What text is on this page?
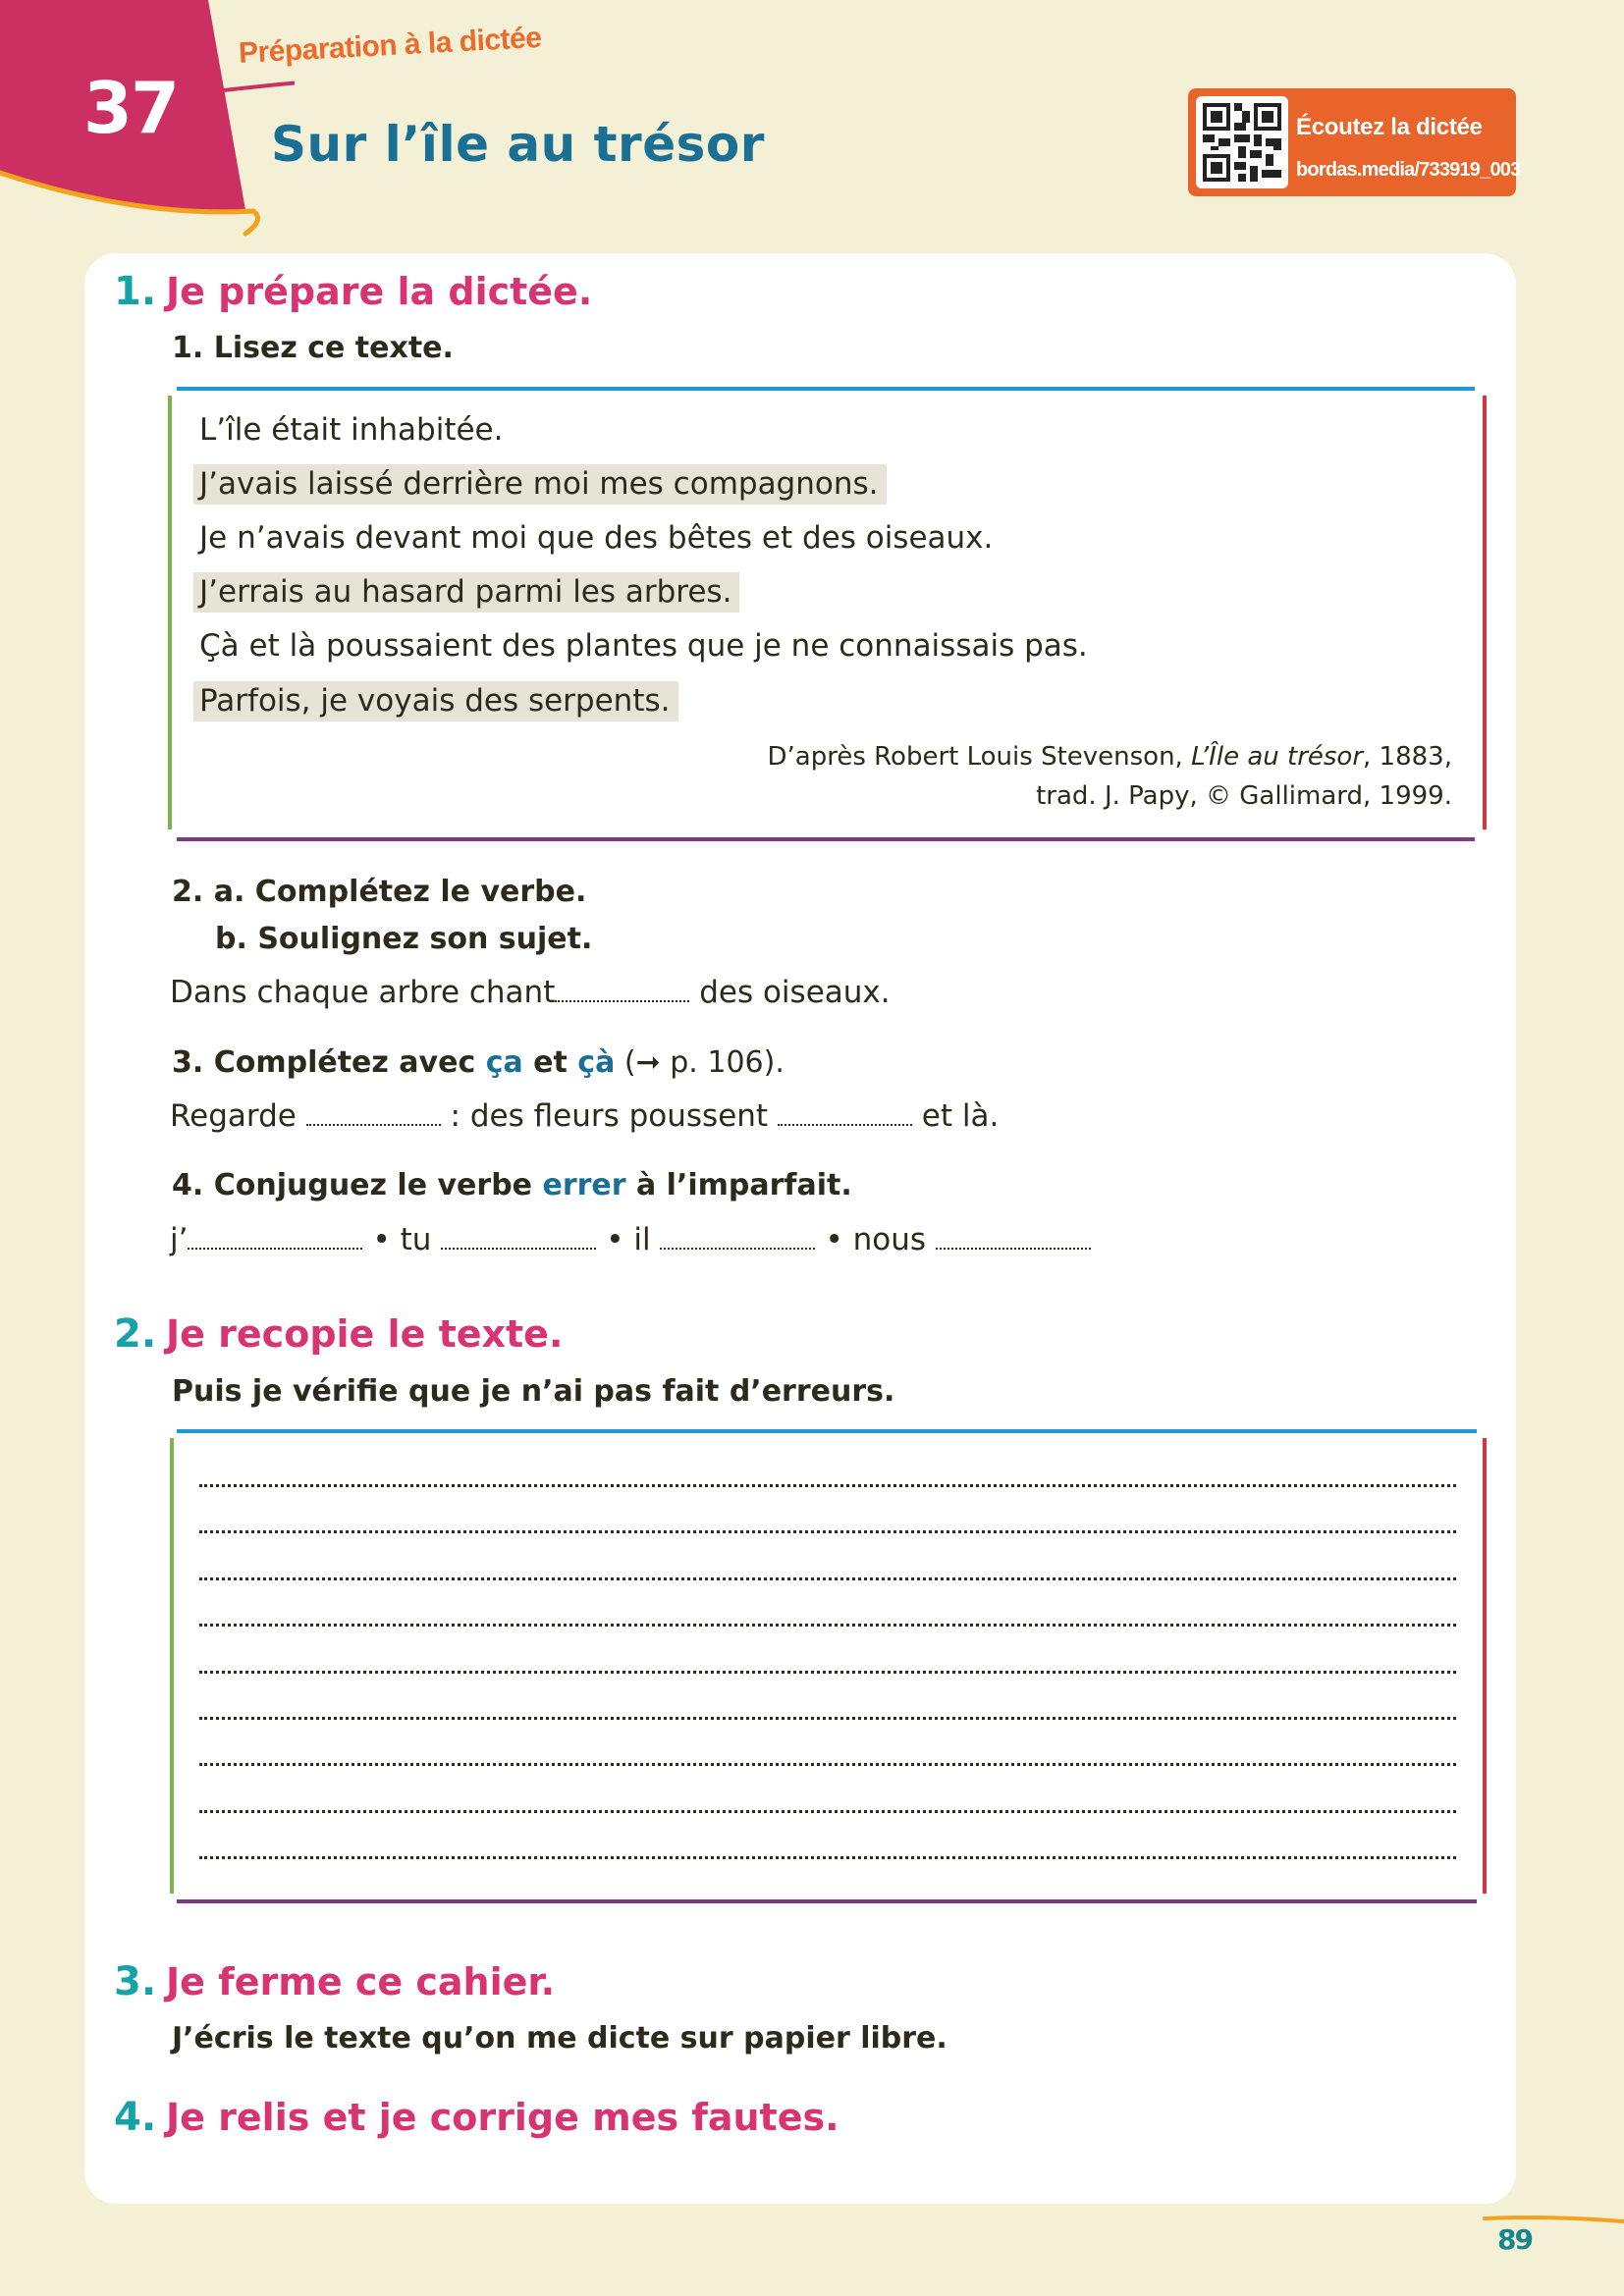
37
Préparation à la dictée
Sur l’île au trésor	Écoutez la dictée
bordas.media/733919_003
1. Je prépare la dictée.
1. Lisez ce texte.
L’île était inhabitée.
J’avais laissé derrière moi mes compagnons.
Je n’avais devant moi que des bêtes et des oiseaux.
J’errais au hasard parmi les arbres.
Çà et là poussaient des plantes que je ne connaissais pas.
Parfois, je voyais des serpents.
D’après Robert Louis Stevenson, L’Île au trésor, 1883,
trad. J. Papy, © Gallimard, 1999.
2. a. Complétez le verbe.
b. Soulignez son sujet.
Dans chaque arbre chant	des oiseaux.
3. Complétez avec ça et çà (➞ p. 106).
Regarde	: des fleurs poussent	et là.
4. Conjuguez le verbe errer à l’imparfait.
j’	• tu	• il	• nous
2. Je recopie le texte.
Puis je vérifie que je n’ai pas fait d’erreurs.
3. Je ferme ce cahier.
J’écris le texte qu’on me dicte sur papier libre.
4. Je relis et je corrige mes fautes.
89
